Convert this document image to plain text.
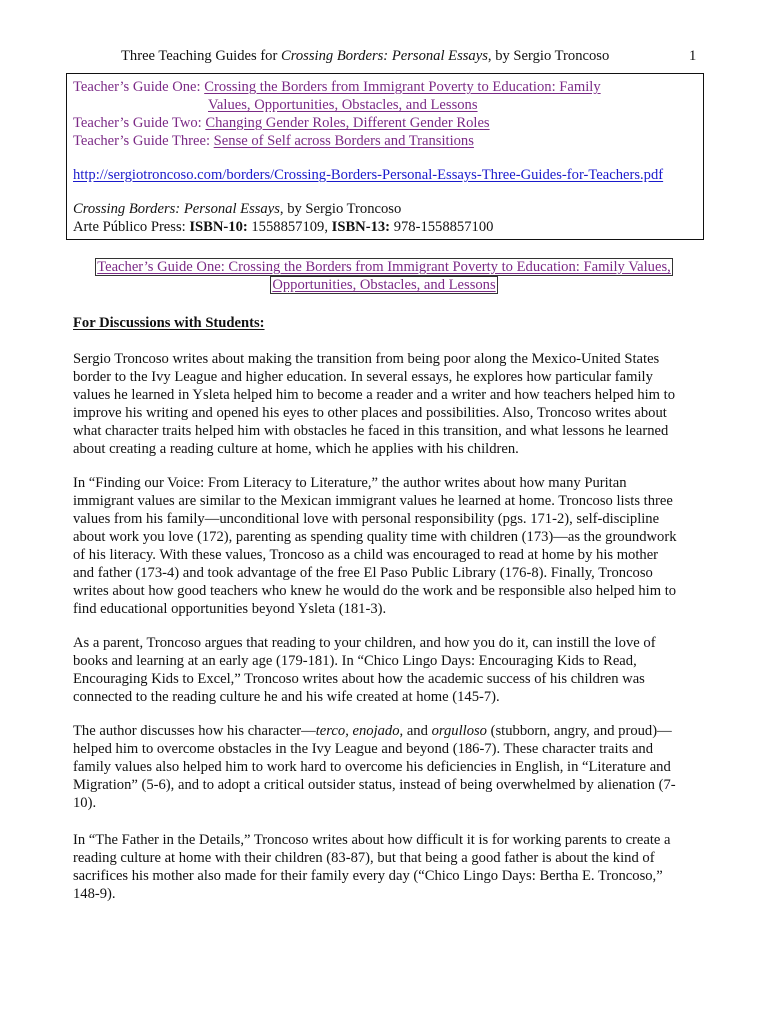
Three Teaching Guides for Crossing Borders: Personal Essays, by Sergio Troncoso	1
Teacher’s Guide One: Crossing the Borders from Immigrant Poverty to Education: Family
Values, Opportunities, Obstacles, and Lessons
Teacher’s Guide Two: Changing Gender Roles, Different Gender Roles
Teacher’s Guide Three: Sense of Self across Borders and Transitions
http://sergiotroncoso.com/borders/Crossing-Borders-Personal-Essays-Three-Guides-for-Teachers.pdf
Crossing Borders: Personal Essays, by Sergio Troncoso
Arte Público Press: ISBN-10: 1558857109, ISBN-13: 978-1558857100
Teacher’s Guide One: Crossing the Borders from Immigrant Poverty to Education: Family Values,
Opportunities, Obstacles, and Lessons
For Discussions with Students:
Sergio Troncoso writes about making the transition from being poor along the Mexico-United States
border to the Ivy League and higher education. In several essays, he explores how particular family
values he learned in Ysleta helped him to become a reader and a writer and how teachers helped him to
improve his writing and opened his eyes to other places and possibilities. Also, Troncoso writes about
what character traits helped him with obstacles he faced in this transition, and what lessons he learned
about creating a reading culture at home, which he applies with his children.
In “Finding our Voice: From Literacy to Literature,” the author writes about how many Puritan
immigrant values are similar to the Mexican immigrant values he learned at home. Troncoso lists three
values from his family—unconditional love with personal responsibility (pgs. 171-2), self-discipline
about work you love (172), parenting as spending quality time with children (173)—as the groundwork
of his literacy. With these values, Troncoso as a child was encouraged to read at home by his mother
and father (173-4) and took advantage of the free El Paso Public Library (176-8). Finally, Troncoso
writes about how good teachers who knew he would do the work and be responsible also helped him to
find educational opportunities beyond Ysleta (181-3).
As a parent, Troncoso argues that reading to your children, and how you do it, can instill the love of
books and learning at an early age (179-181). In “Chico Lingo Days: Encouraging Kids to Read,
Encouraging Kids to Excel,” Troncoso writes about how the academic success of his children was
connected to the reading culture he and his wife created at home (145-7).
The author discusses how his character—terco, enojado, and orgulloso (stubborn, angry, and proud)—
helped him to overcome obstacles in the Ivy League and beyond (186-7). These character traits and
family values also helped him to work hard to overcome his deficiencies in English, in “Literature and
Migration” (5-6), and to adopt a critical outsider status, instead of being overwhelmed by alienation (7-
10).
In “The Father in the Details,” Troncoso writes about how difficult it is for working parents to create a
reading culture at home with their children (83-87), but that being a good father is about the kind of
sacrifices his mother also made for their family every day (“Chico Lingo Days: Bertha E. Troncoso,”
148-9).
